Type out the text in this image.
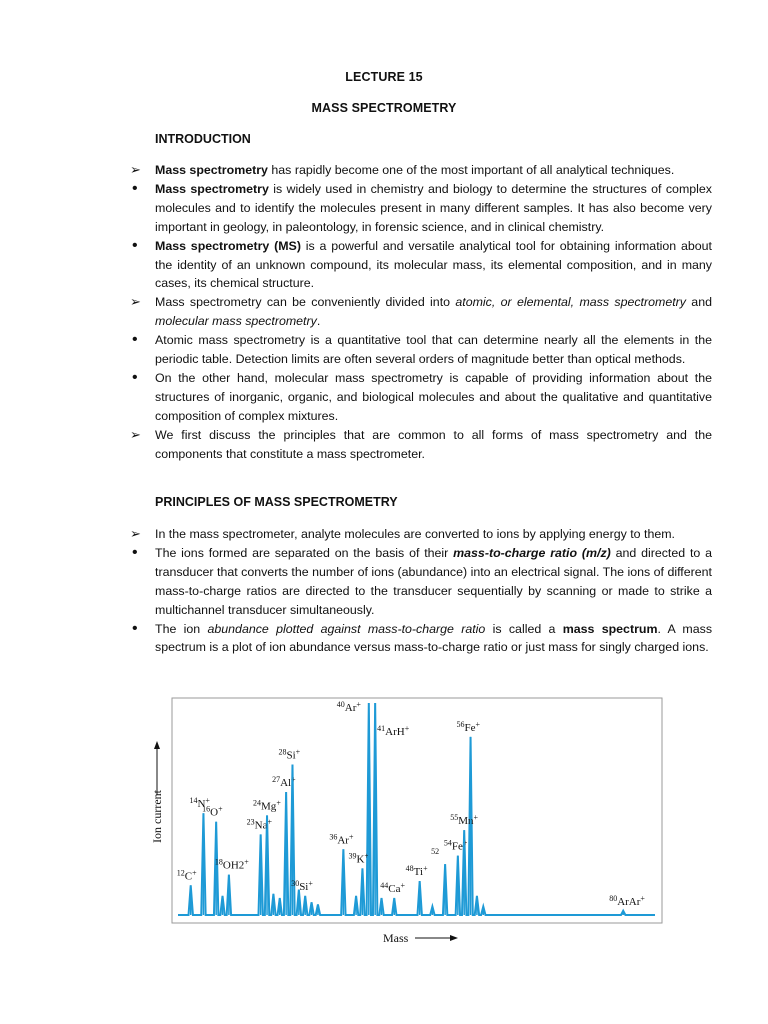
LECTURE 15
MASS SPECTROMETRY
INTRODUCTION
➢	Mass spectrometry has rapidly become one of the most important of all analytical techniques.
•	Mass spectrometry is widely used in chemistry and biology to determine the structures of complex molecules and to identify the molecules present in many different samples. It has also become very important in geology, in paleontology, in forensic science, and in clinical chemistry.
•	Mass spectrometry (MS) is a powerful and versatile analytical tool for obtaining information about the identity of an unknown compound, its molecular mass, its elemental composition, and in many cases, its chemical structure.
➢	Mass spectrometry can be conveniently divided into atomic, or elemental, mass spectrometry and molecular mass spectrometry.
•	Atomic mass spectrometry is a quantitative tool that can determine nearly all the elements in the periodic table. Detection limits are often several orders of magnitude better than optical methods.
•	On the other hand, molecular mass spectrometry is capable of providing information about the structures of inorganic, organic, and biological molecules and about the qualitative and quantitative composition of complex mixtures.
➢	We first discuss the principles that are common to all forms of mass spectrometry and the components that constitute a mass spectrometer.
PRINCIPLES OF MASS SPECTROMETRY
➢	In the mass spectrometer, analyte molecules are converted to ions by applying energy to them.
•	The ions formed are separated on the basis of their mass-to-charge ratio (m/z) and directed to a transducer that converts the number of ions (abundance) into an electrical signal. The ions of different mass-to-charge ratios are directed to the transducer sequentially by scanning or made to strike a multichannel transducer simultaneously.
•	The ion abundance plotted against mass-to-charge ratio is called a mass spectrum. A mass spectrum is a plot of ion abundance versus mass-to-charge ratio or just mass for singly charged ions.
Ion current
Mass
$^{12}$C+
$^{14}$N+
$^{16}$O+
$^{18}$OH2+
$^{23}$Na+
$^{24}$Mg+
$^{27}$Al+
$^{28}$Si+
$^{30}$Si+
$^{36}$Ar+
$^{39}$K+
$^{40}$Ar+
$^{41}$ArH+
$^{44}$Ca+
$^{48}$Ti+
$^{52}$
$^{54}$Fe+
$^{55}$Mn+
$^{56}$Fe+
$^{80}$ArAr+
